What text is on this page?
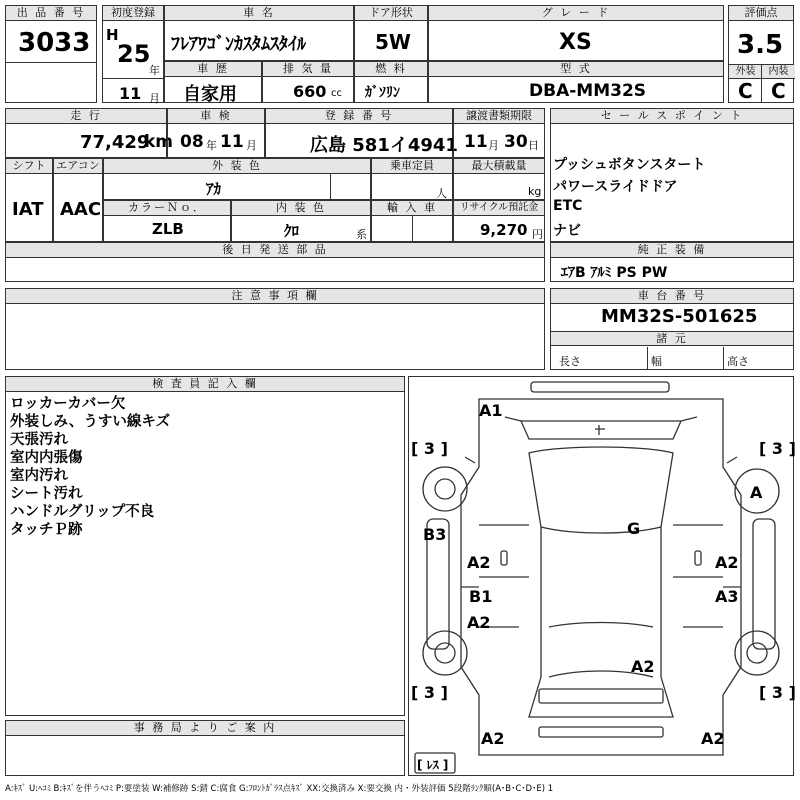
出 品 番 号
3033
初度登録
H
25
年
11 月
車 名
ﾌﾚｱﾜｺﾞﾝｶｽﾀﾑｽﾀｲﾙ
ドア形状
5W
グ レ ー ド
XS
評価点
3.5
外装	内装
C C
車 歴
自家用
排 気 量
660 cc
燃 料
ｶﾞｿﾘﾝ
型 式
DBA-MM32S
走 行
77,429
km
車 検
08 年 11 月
登 録 番 号
広島 581イ4941
譲渡書類期限
11 月 30 日
シフト
IAT
エアコン
AAC
外 装 色
ｱｶ
乗車定員
人
最大積載量
kg
カラーＮｏ．
ZLB
内 装 色
ｸﾛ	系
輸 入 車	リサイクル預託金
9,270 円
後 日 発 送 部 品
セ ー ル ス ポ イ ン ト
プッシュボタンスタート
パワースライドドア
ETC
ナビ
純 正 装 備
ｴｱB ｱﾙﾐ PS PW
注 意 事 項 欄	車 台 番 号
MM32S-501625
諸 元
長さ	幅	高さ
検 査 員 記 入 欄
ロッカーカバー欠
外装しみ、うすい線キズ
天張汚れ
室内内張傷
室内汚れ
シート汚れ
ハンドルグリップ不良
タッチＰ跡
事 務 局 よ り ご 案 内
A1
[ 3 ]	[ 3 ]
A
G
B3
A2	A2
B1	A3
A2
A2
[ 3 ]	[ 3 ]
A2	A2
[ ﾚｽ ]
A:ｷｽﾞ U:ﾍｺﾐ B:ｷｽﾞを伴うﾍｺﾐ P:要塗装 W:補修跡 S:錆 C:腐食 G:ﾌﾛﾝﾄｶﾞﾗｽ点ｷｽﾞ XX:交換済み X:要交換 内・外装評価 5段階ﾗﾝｸ順(A･B･C･D･E) 1
